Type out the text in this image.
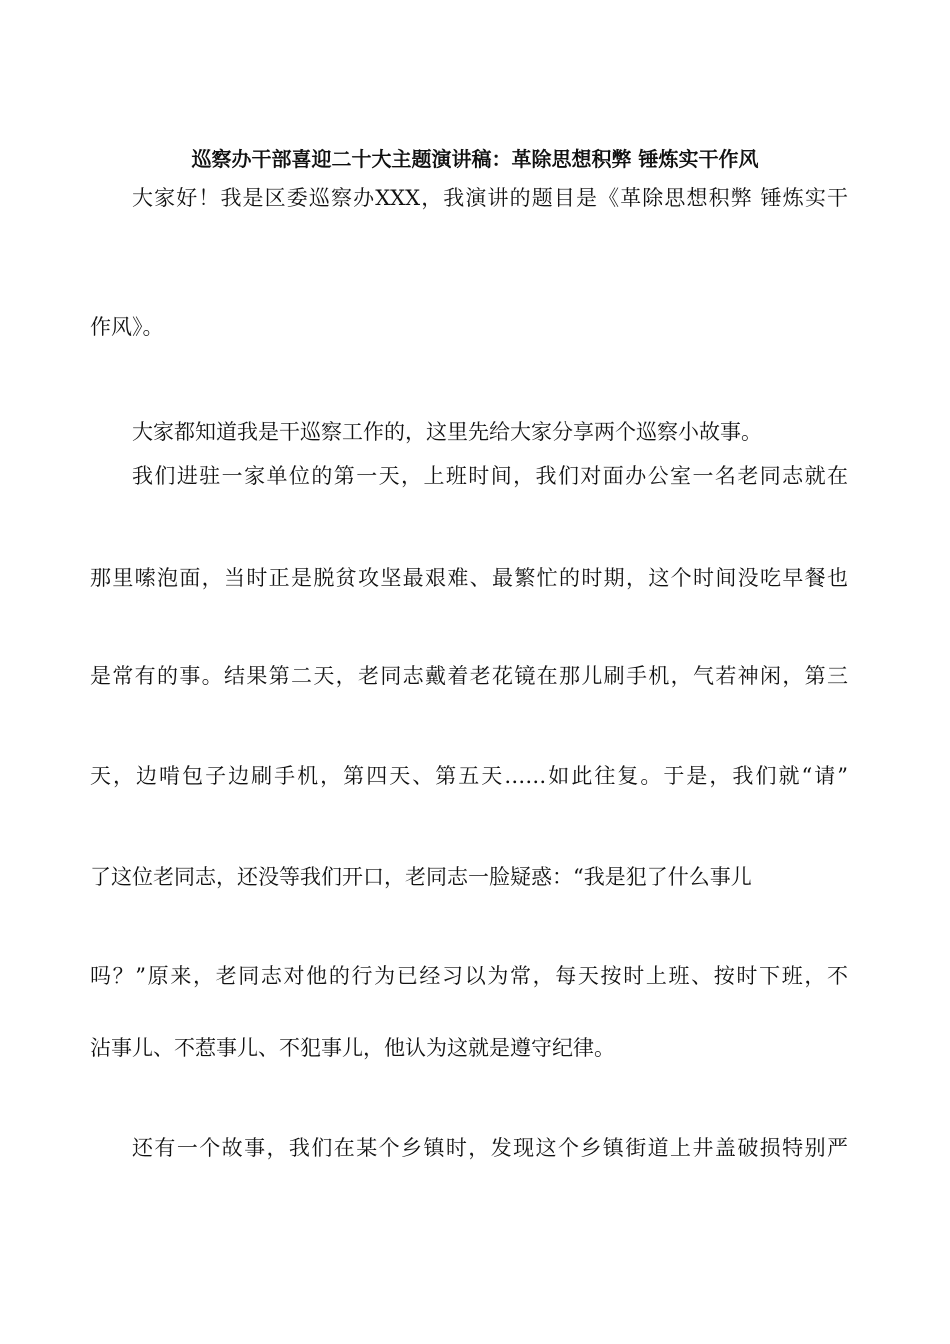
巡察办干部喜迎二十大主题演讲稿：革除思想积弊 锤炼实干作风
大家好！我是区委巡察办XXX，我演讲的题目是《革除思想积弊 锤炼实干
作风》。
大家都知道我是干巡察工作的，这里先给大家分享两个巡察小故事。
我们进驻一家单位的第一天，上班时间，我们对面办公室一名老同志就在
那里嗦泡面，当时正是脱贫攻坚最艰难、最繁忙的时期，这个时间没吃早餐也
是常有的事。结果第二天，老同志戴着老花镜在那儿刷手机，气若神闲，第三
天，边啃包子边刷手机，第四天、第五天……如此往复。于是，我们就“请”
了这位老同志，还没等我们开口，老同志一脸疑惑：“我是犯了什么事儿
吗？”原来，老同志对他的行为已经习以为常，每天按时上班、按时下班，不
沾事儿、不惹事儿、不犯事儿，他认为这就是遵守纪律。
还有一个故事，我们在某个乡镇时，发现这个乡镇街道上井盖破损特别严
